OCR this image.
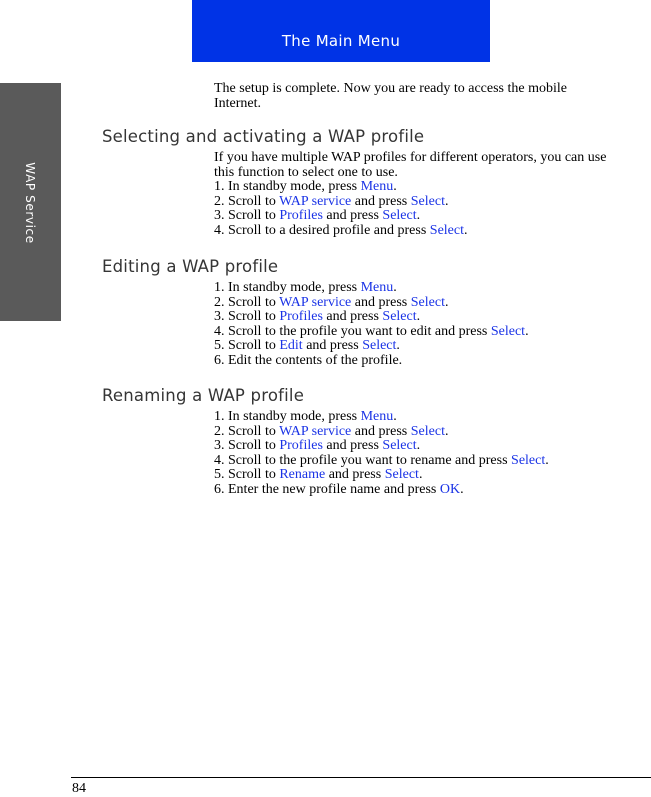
The Main Menu
WAP Service

The setup is complete. Now you are ready to access the mobile Internet.

Selecting and activating a WAP profile

If you have multiple WAP profiles for different operators, you can use this function to select one to use.

1. In standby mode, press Menu.

2. Scroll to WAP service and press Select.

3. Scroll to Profiles and press Select.

4. Scroll to a desired profile and press Select.

Editing a WAP profile

1. In standby mode, press Menu.

2. Scroll to WAP service and press Select.

3. Scroll to Profiles and press Select.

4. Scroll to the profile you want to edit and press Select.

5. Scroll to Edit and press Select.

6. Edit the contents of the profile.

Renaming a WAP profile

1. In standby mode, press Menu.

2. Scroll to WAP service and press Select.

3. Scroll to Profiles and press Select.

4. Scroll to the profile you want to rename and press Select.

5. Scroll to Rename and press Select.

6. Enter the new profile name and press OK.

84
